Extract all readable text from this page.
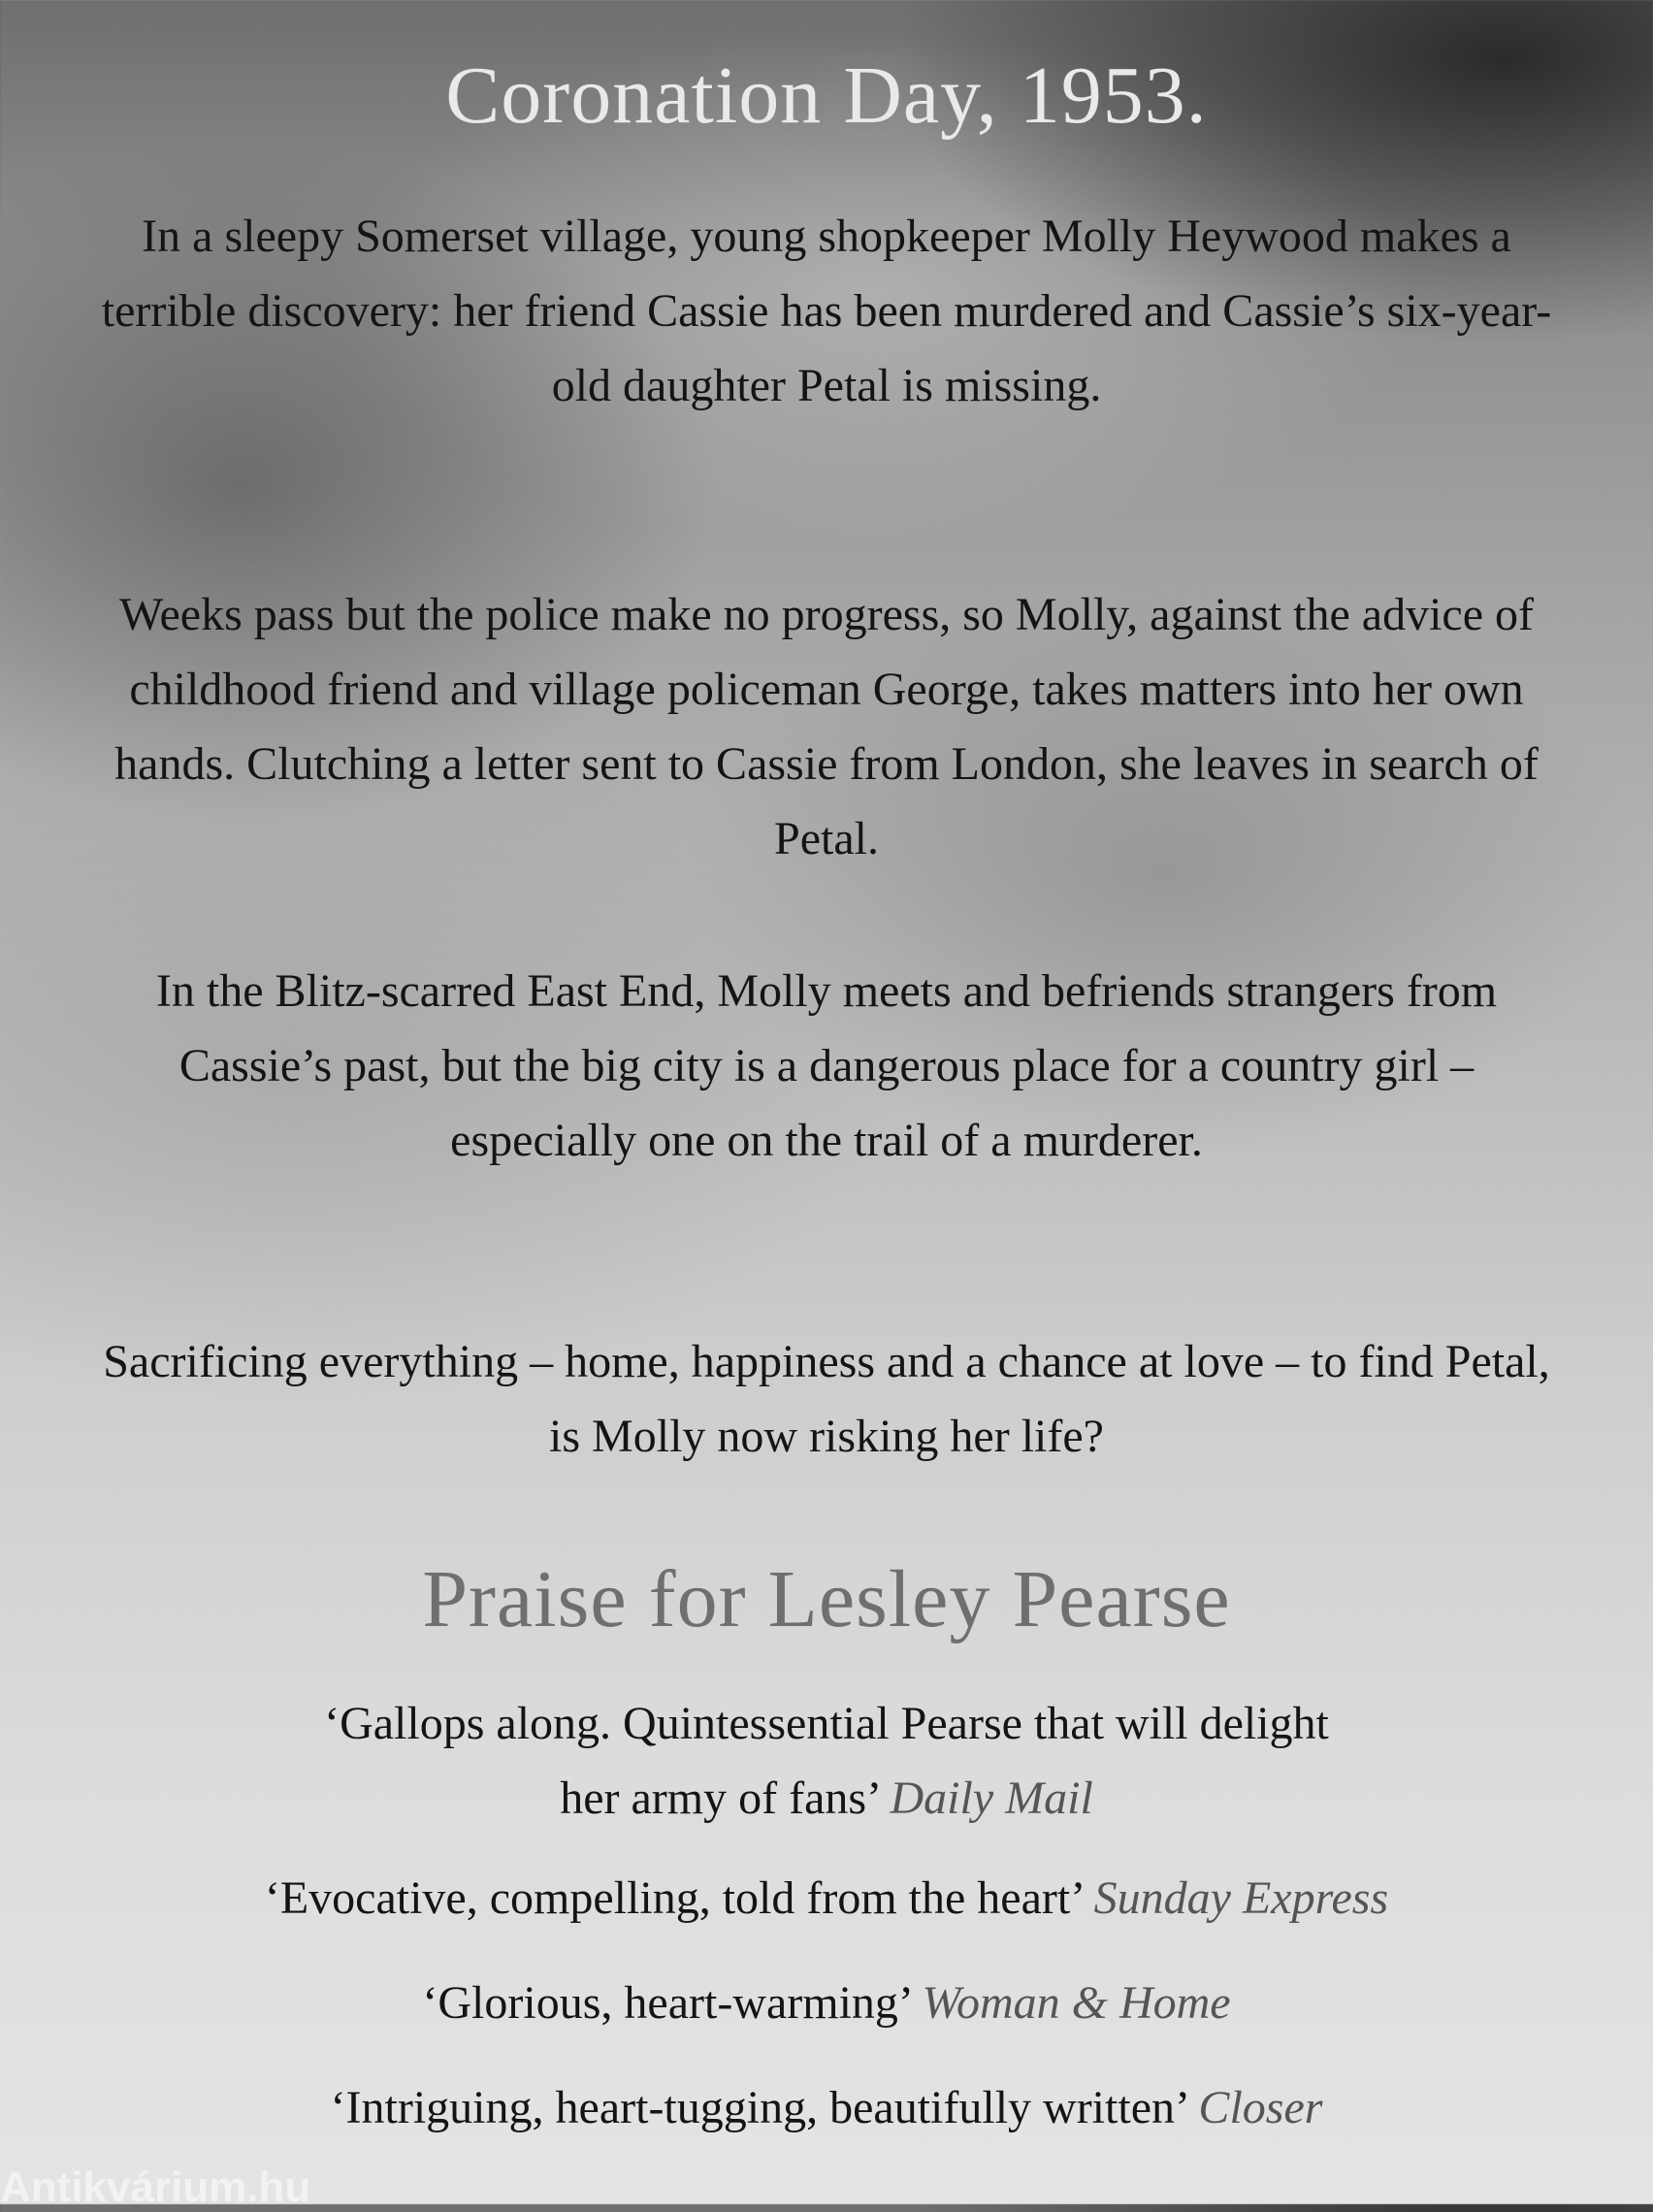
Coronation Day, 1953.

In a sleepy Somerset village, young shopkeeper Molly Heywood makes a terrible discovery: her friend Cassie has been murdered and Cassie’s six-year-old daughter Petal is missing.

Weeks pass but the police make no progress, so Molly, against the advice of childhood friend and village policeman George, takes matters into her own hands. Clutching a letter sent to Cassie from London, she leaves in search of Petal.

In the Blitz-scarred East End, Molly meets and befriends strangers from Cassie’s past, but the big city is a dangerous place for a country girl – especially one on the trail of a murderer.

Sacrificing everything – home, happiness and a chance at love – to find Petal, is Molly now risking her life?

Praise for Lesley Pearse

‘Gallops along. Quintessential Pearse that will delight her army of fans’ Daily Mail

‘Evocative, compelling, told from the heart’ Sunday Express

‘Glorious, heart-warming’ Woman & Home

‘Intriguing, heart-tugging, beautifully written’ Closer

Antikvárium.hu
